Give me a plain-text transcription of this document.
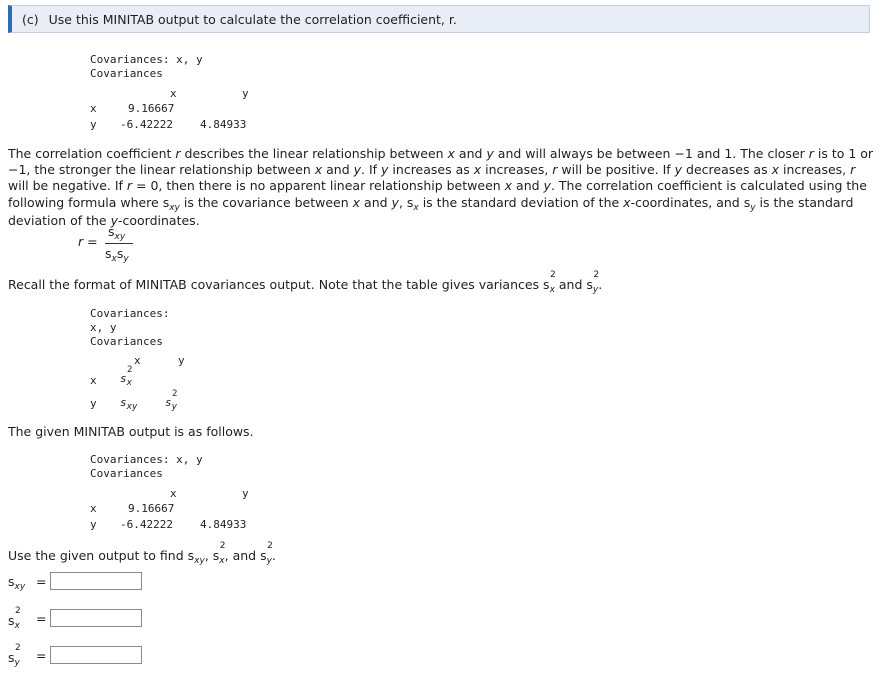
(c) Use this MINITAB output to calculate the correlation coefficient, r.
Covariances: x, y
Covariances
x	y
x	9.16667
y -6.42222 4.84933
The correlation coefficient r describes the linear relationship between x and y and will always be between −1 and 1. The closer r is to 1 or −1, the stronger the linear relationship between x and y. If y increases as x increases, r will be positive. If y decreases as x increases, r will be negative. If r = 0, then there is no apparent linear relationship between x and y. The correlation coefficient is calculated using the following formula where $s_{xy}$ is the covariance between x and y, $s_x$ is the standard deviation of the x-coordinates, and $s_y$ is the standard deviation of the y-coordinates.
r =
$s_{xy}$
$s_xs_y$
Recall the format of MINITAB covariances output. Note that the table gives variances s
2
$_x$ and s
2
$_y$.
Covariances:
x, y
Covariances
x	y
x s
2
$_x$
y $s_{xy}$	s
2
$_y$
The given MINITAB output is as follows.
Covariances: x, y
Covariances
x	y
x	9.16667
y -6.42222 4.84933
Use the given output to find $s_{xy}$, s
2
$_x$, and s
2
$_y$.
$s_{xy}$ =
s
2
$_x$ =
s
2
$_y$ =
